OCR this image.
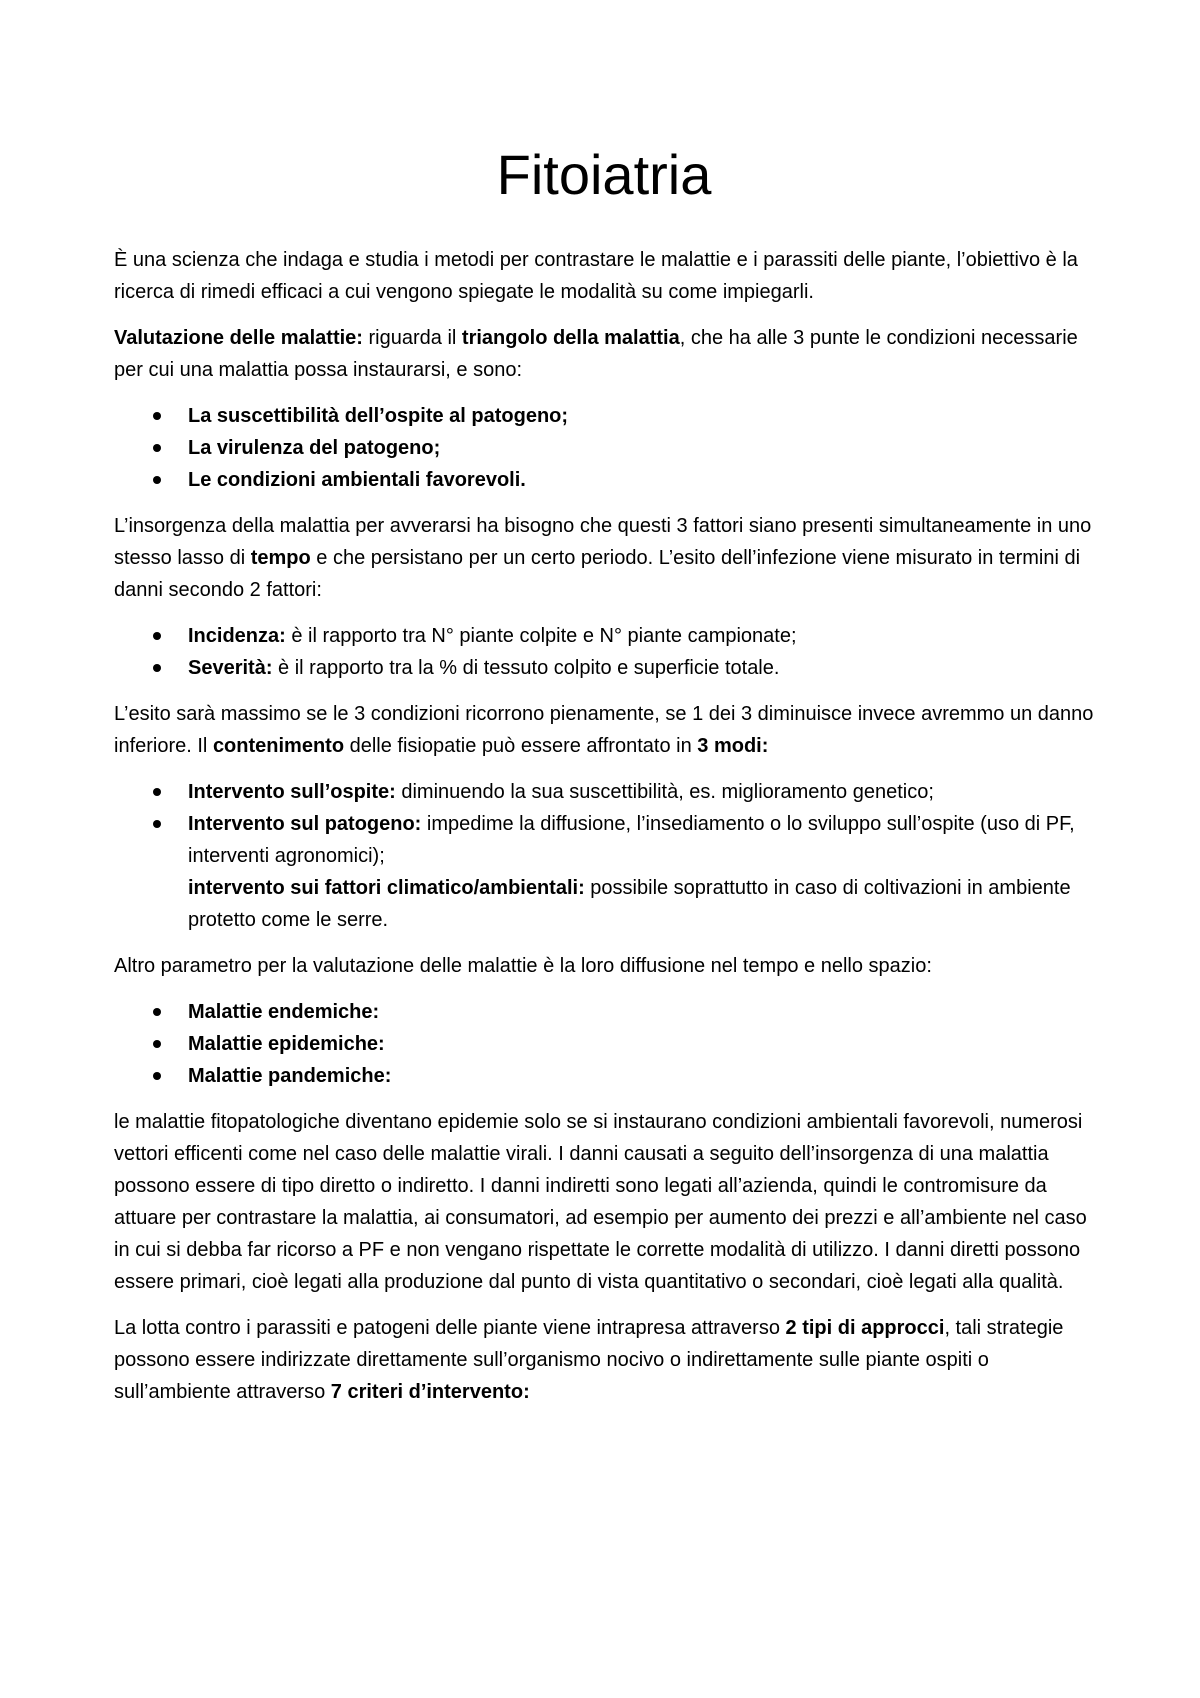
Fitoiatria

È una scienza che indaga e studia i metodi per contrastare le malattie e i parassiti delle piante, l’obiettivo è la ricerca di rimedi efficaci a cui vengono spiegate le modalità su come impiegarli.

Valutazione delle malattie: riguarda il triangolo della malattia, che ha alle 3 punte le condizioni necessarie per cui una malattia possa instaurarsi, e sono:

La suscettibilità dell’ospite al patogeno;
La virulenza del patogeno;
Le condizioni ambientali favorevoli.

L’insorgenza della malattia per avverarsi ha bisogno che questi 3 fattori siano presenti simultaneamente in uno stesso lasso di tempo e che persistano per un certo periodo. L’esito dell’infezione viene misurato in termini di danni secondo 2 fattori:

Incidenza: è il rapporto tra N° piante colpite e N° piante campionate;
Severità: è il rapporto tra la % di tessuto colpito e superficie totale.

L’esito sarà massimo se le 3 condizioni ricorrono pienamente, se 1 dei 3 diminuisce invece avremmo un danno inferiore. Il contenimento delle fisiopatie può essere affrontato in 3 modi:

Intervento sull’ospite: diminuendo la sua suscettibilità, es. miglioramento genetico;
Intervento sul patogeno: impedime la diffusione, l’insediamento o lo sviluppo sull’ospite (uso di PF, interventi agronomici);
intervento sui fattori climatico/ambientali: possibile soprattutto in caso di coltivazioni in ambiente protetto come le serre.

Altro parametro per la valutazione delle malattie è la loro diffusione nel tempo e nello spazio:

Malattie endemiche:
Malattie epidemiche:
Malattie pandemiche:

le malattie fitopatologiche diventano epidemie solo se si instaurano condizioni ambientali favorevoli, numerosi vettori efficenti come nel caso delle malattie virali. I danni causati a seguito dell’insorgenza di una malattia possono essere di tipo diretto o indiretto. I danni indiretti sono legati all’azienda, quindi le contromisure da attuare per contrastare la malattia, ai consumatori, ad esempio per aumento dei prezzi e all’ambiente nel caso in cui si debba far ricorso a PF e non vengano rispettate le corrette modalità di utilizzo. I danni diretti possono essere primari, cioè legati alla produzione dal punto di vista quantitativo o secondari, cioè legati alla qualità.

La lotta contro i parassiti e patogeni delle piante viene intrapresa attraverso 2 tipi di approcci, tali strategie possono essere indirizzate direttamente sull’organismo nocivo o indirettamente sulle piante ospiti o sull’ambiente attraverso 7 criteri d’intervento:
